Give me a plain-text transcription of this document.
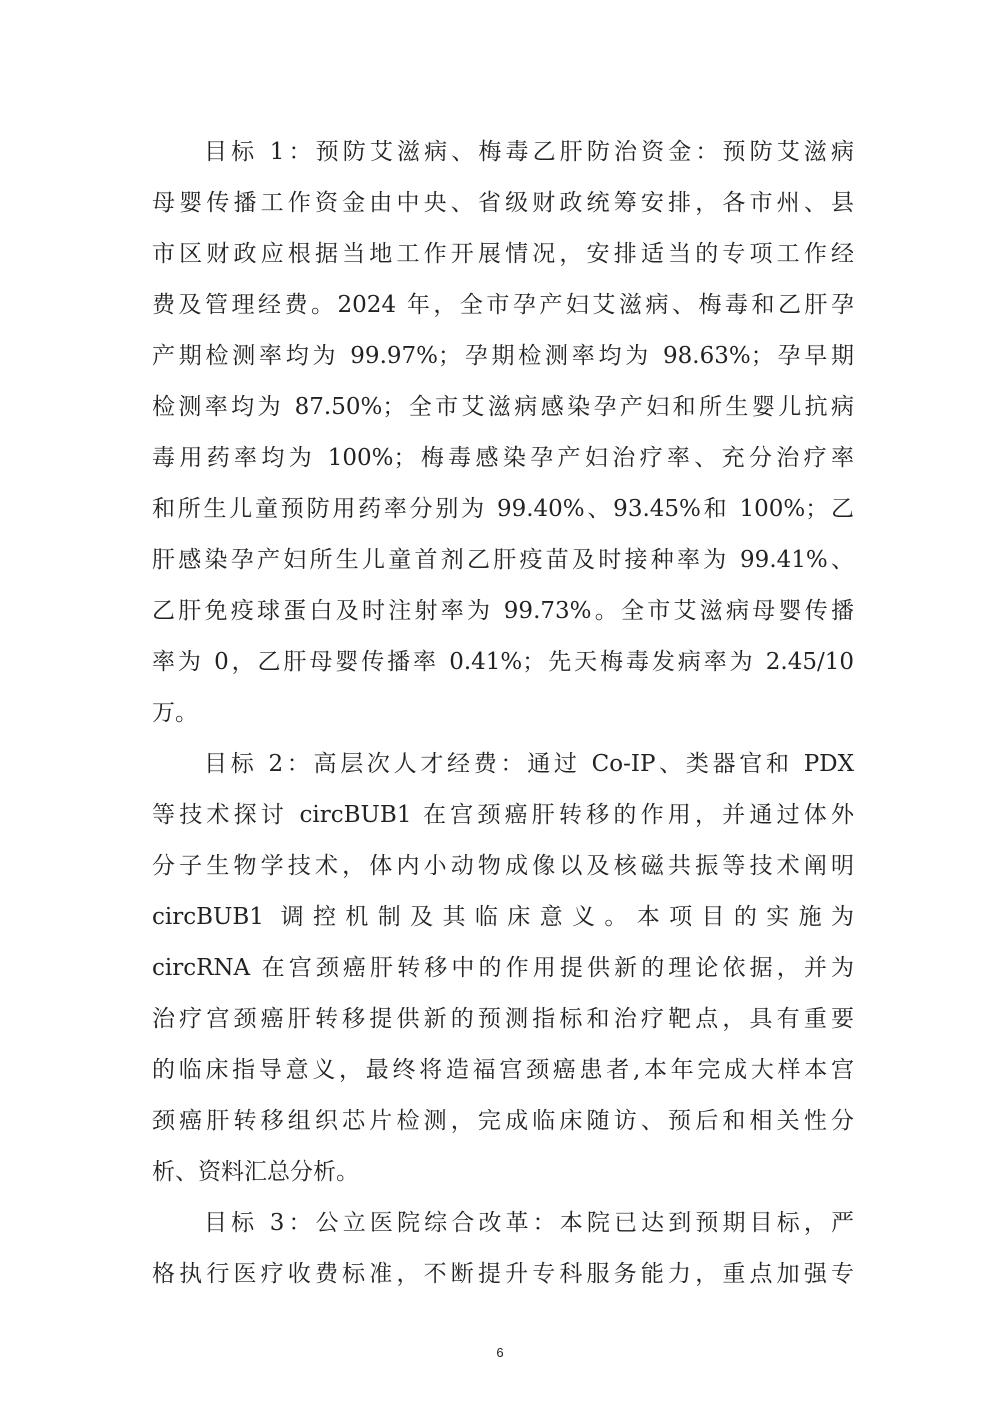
目标 1：预防艾滋病、梅毒乙肝防治资金：预防艾滋病
母婴传播工作资金由中央、省级财政统筹安排，各市州、县
市区财政应根据当地工作开展情况，安排适当的专项工作经
费及管理经费。2024 年，全市孕产妇艾滋病、梅毒和乙肝孕
产期检测率均为 99.97%；孕期检测率均为 98.63%；孕早期
检测率均为 87.50%；全市艾滋病感染孕产妇和所生婴儿抗病
毒用药率均为 100%；梅毒感染孕产妇治疗率、充分治疗率
和所生儿童预防用药率分别为 99.40%、93.45%和 100%；乙
肝感染孕产妇所生儿童首剂乙肝疫苗及时接种率为 99.41%、
乙肝免疫球蛋白及时注射率为 99.73%。全市艾滋病母婴传播
率为 0，乙肝母婴传播率 0.41%；先天梅毒发病率为 2.45/10
万。
目标 2：高层次人才经费：通过 Co-IP、类器官和 PDX
等技术探讨 circBUB1 在宫颈癌肝转移的作用，并通过体外
分子生物学技术，体内小动物成像以及核磁共振等技术阐明
circBUB1 调控机制及其临床意义。本项目的实施为
circRNA 在宫颈癌肝转移中的作用提供新的理论依据，并为
治疗宫颈癌肝转移提供新的预测指标和治疗靶点，具有重要
的临床指导意义，最终将造福宫颈癌患者,本年完成大样本宫
颈癌肝转移组织芯片检测，完成临床随访、预后和相关性分
析、资料汇总分析。
目标 3：公立医院综合改革：本院已达到预期目标，严
格执行医疗收费标准，不断提升专科服务能力，重点加强专
6
